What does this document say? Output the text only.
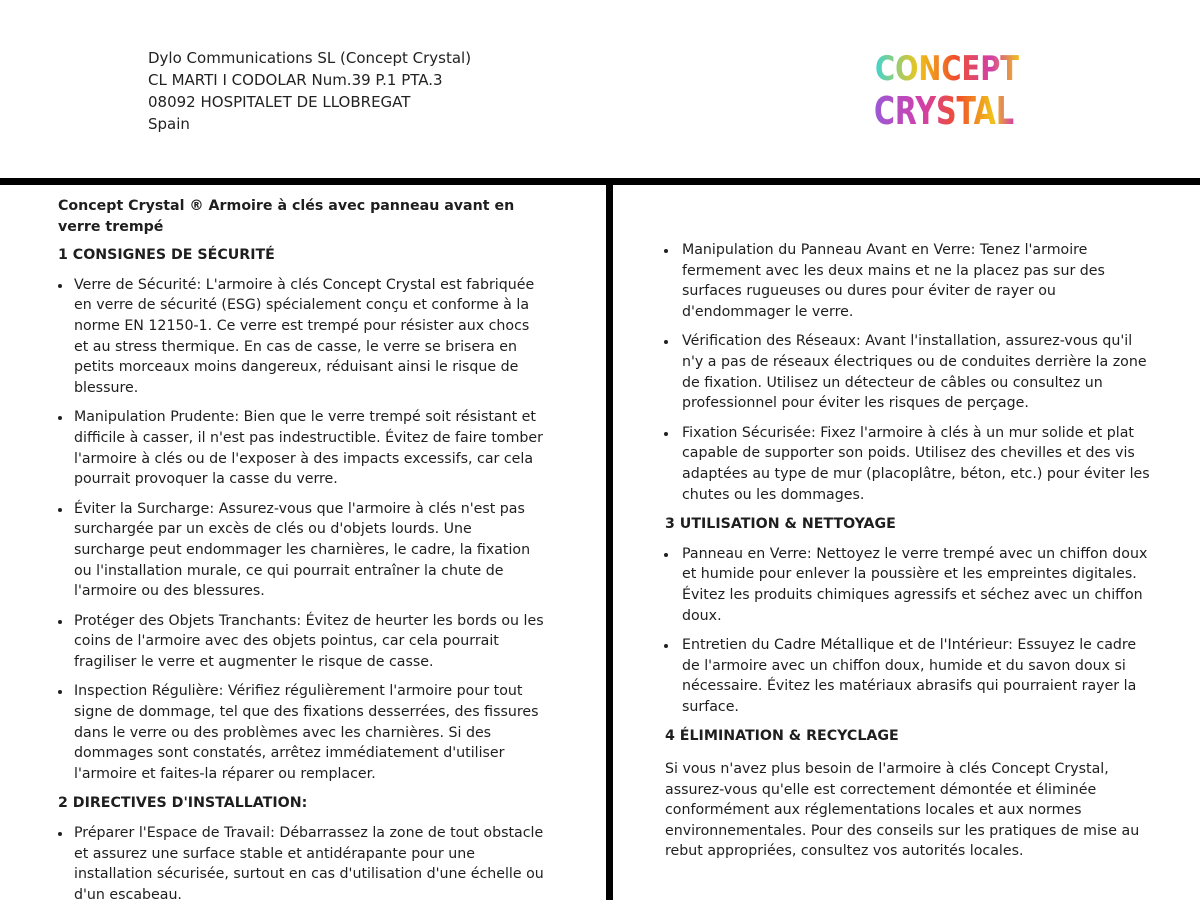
Dylo Communications SL (Concept Crystal)
CL MARTI I CODOLAR Num.39 P.1 PTA.3
08092 HOSPITALET DE LLOBREGAT
Spain
CONCEPT
CRYSTAL
Concept Crystal ® Armoire à clés avec panneau avant en verre trempé
1 CONSIGNES DE SÉCURITÉ
Verre de Sécurité: L'armoire à clés Concept Crystal est fabriquée en verre de sécurité (ESG) spécialement conçu et conforme à la norme EN 12150-1. Ce verre est trempé pour résister aux chocs et au stress thermique. En cas de casse, le verre se brisera en petits morceaux moins dangereux, réduisant ainsi le risque de blessure.
Manipulation Prudente: Bien que le verre trempé soit résistant et difficile à casser, il n'est pas indestructible. Évitez de faire tomber l'armoire à clés ou de l'exposer à des impacts excessifs, car cela pourrait provoquer la casse du verre.
Éviter la Surcharge: Assurez-vous que l'armoire à clés n'est pas surchargée par un excès de clés ou d'objets lourds. Une surcharge peut endommager les charnières, le cadre, la fixation ou l'installation murale, ce qui pourrait entraîner la chute de l'armoire ou des blessures.
Protéger des Objets Tranchants: Évitez de heurter les bords ou les coins de l'armoire avec des objets pointus, car cela pourrait fragiliser le verre et augmenter le risque de casse.
Inspection Régulière: Vérifiez régulièrement l'armoire pour tout signe de dommage, tel que des fixations desserrées, des fissures dans le verre ou des problèmes avec les charnières. Si des dommages sont constatés, arrêtez immédiatement d'utiliser l'armoire et faites-la réparer ou remplacer.
2 DIRECTIVES D'INSTALLATION:
Préparer l'Espace de Travail: Débarrassez la zone de tout obstacle et assurez une surface stable et antidérapante pour une installation sécurisée, surtout en cas d'utilisation d'une échelle ou d'un escabeau.
Manipulation du Panneau Avant en Verre: Tenez l'armoire fermement avec les deux mains et ne la placez pas sur des surfaces rugueuses ou dures pour éviter de rayer ou d'endommager le verre.
Vérification des Réseaux: Avant l'installation, assurez-vous qu'il n'y a pas de réseaux électriques ou de conduites derrière la zone de fixation. Utilisez un détecteur de câbles ou consultez un professionnel pour éviter les risques de perçage.
Fixation Sécurisée: Fixez l'armoire à clés à un mur solide et plat capable de supporter son poids. Utilisez des chevilles et des vis adaptées au type de mur (placoplâtre, béton, etc.) pour éviter les chutes ou les dommages.
3 UTILISATION & NETTOYAGE
Panneau en Verre: Nettoyez le verre trempé avec un chiffon doux et humide pour enlever la poussière et les empreintes digitales. Évitez les produits chimiques agressifs et séchez avec un chiffon doux.
Entretien du Cadre Métallique et de l'Intérieur: Essuyez le cadre de l'armoire avec un chiffon doux, humide et du savon doux si nécessaire. Évitez les matériaux abrasifs qui pourraient rayer la surface.
4 ÉLIMINATION & RECYCLAGE
Si vous n'avez plus besoin de l'armoire à clés Concept Crystal, assurez-vous qu'elle est correctement démontée et éliminée conformément aux réglementations locales et aux normes environnementales. Pour des conseils sur les pratiques de mise au rebut appropriées, consultez vos autorités locales.
